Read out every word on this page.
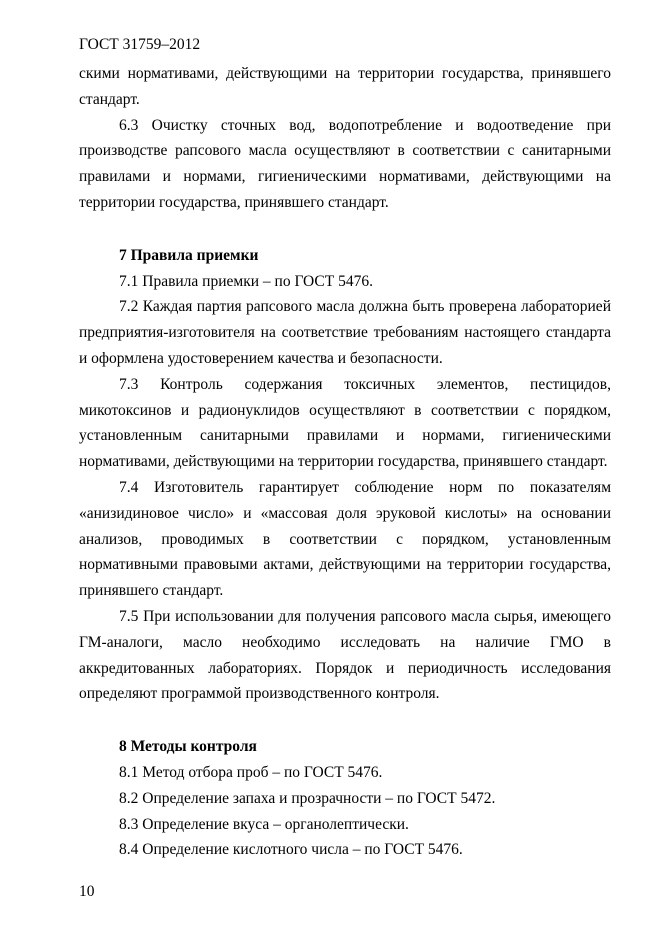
ГОСТ 31759–2012

скими нормативами, действующими на территории государства, принявшего стандарт.

6.3 Очистку сточных вод, водопотребление и водоотведение при производстве рапсового масла осуществляют в соответствии с санитарными правилами и нормами, гигиеническими нормативами, действующими на территории государства, принявшего стандарт.

7 Правила приемки

7.1 Правила приемки – по ГОСТ 5476.

7.2 Каждая партия рапсового масла должна быть проверена лабораторией предприятия-изготовителя на соответствие требованиям настоящего стандарта и оформлена удостоверением качества и безопасности.

7.3 Контроль содержания токсичных элементов, пестицидов, микотоксинов и радионуклидов осуществляют в соответствии с порядком, установленным санитарными правилами и нормами, гигиеническими нормативами, действующими на территории государства, принявшего стандарт.

7.4 Изготовитель гарантирует соблюдение норм по показателям «анизидиновое число» и «массовая доля эруковой кислоты» на основании анализов, проводимых в соответствии с порядком, установленным нормативными правовыми актами, действующими на территории государства, принявшего стандарт.

7.5 При использовании для получения рапсового масла сырья, имеющего ГМ-аналоги, масло необходимо исследовать на наличие ГМО в аккредитованных лабораториях. Порядок и периодичность исследования определяют программой производственного контроля.

8 Методы контроля

8.1 Метод отбора проб – по ГОСТ 5476.

8.2 Определение запаха и прозрачности – по ГОСТ 5472.

8.3 Определение вкуса – органолептически.

8.4 Определение кислотного числа – по ГОСТ 5476.

10
